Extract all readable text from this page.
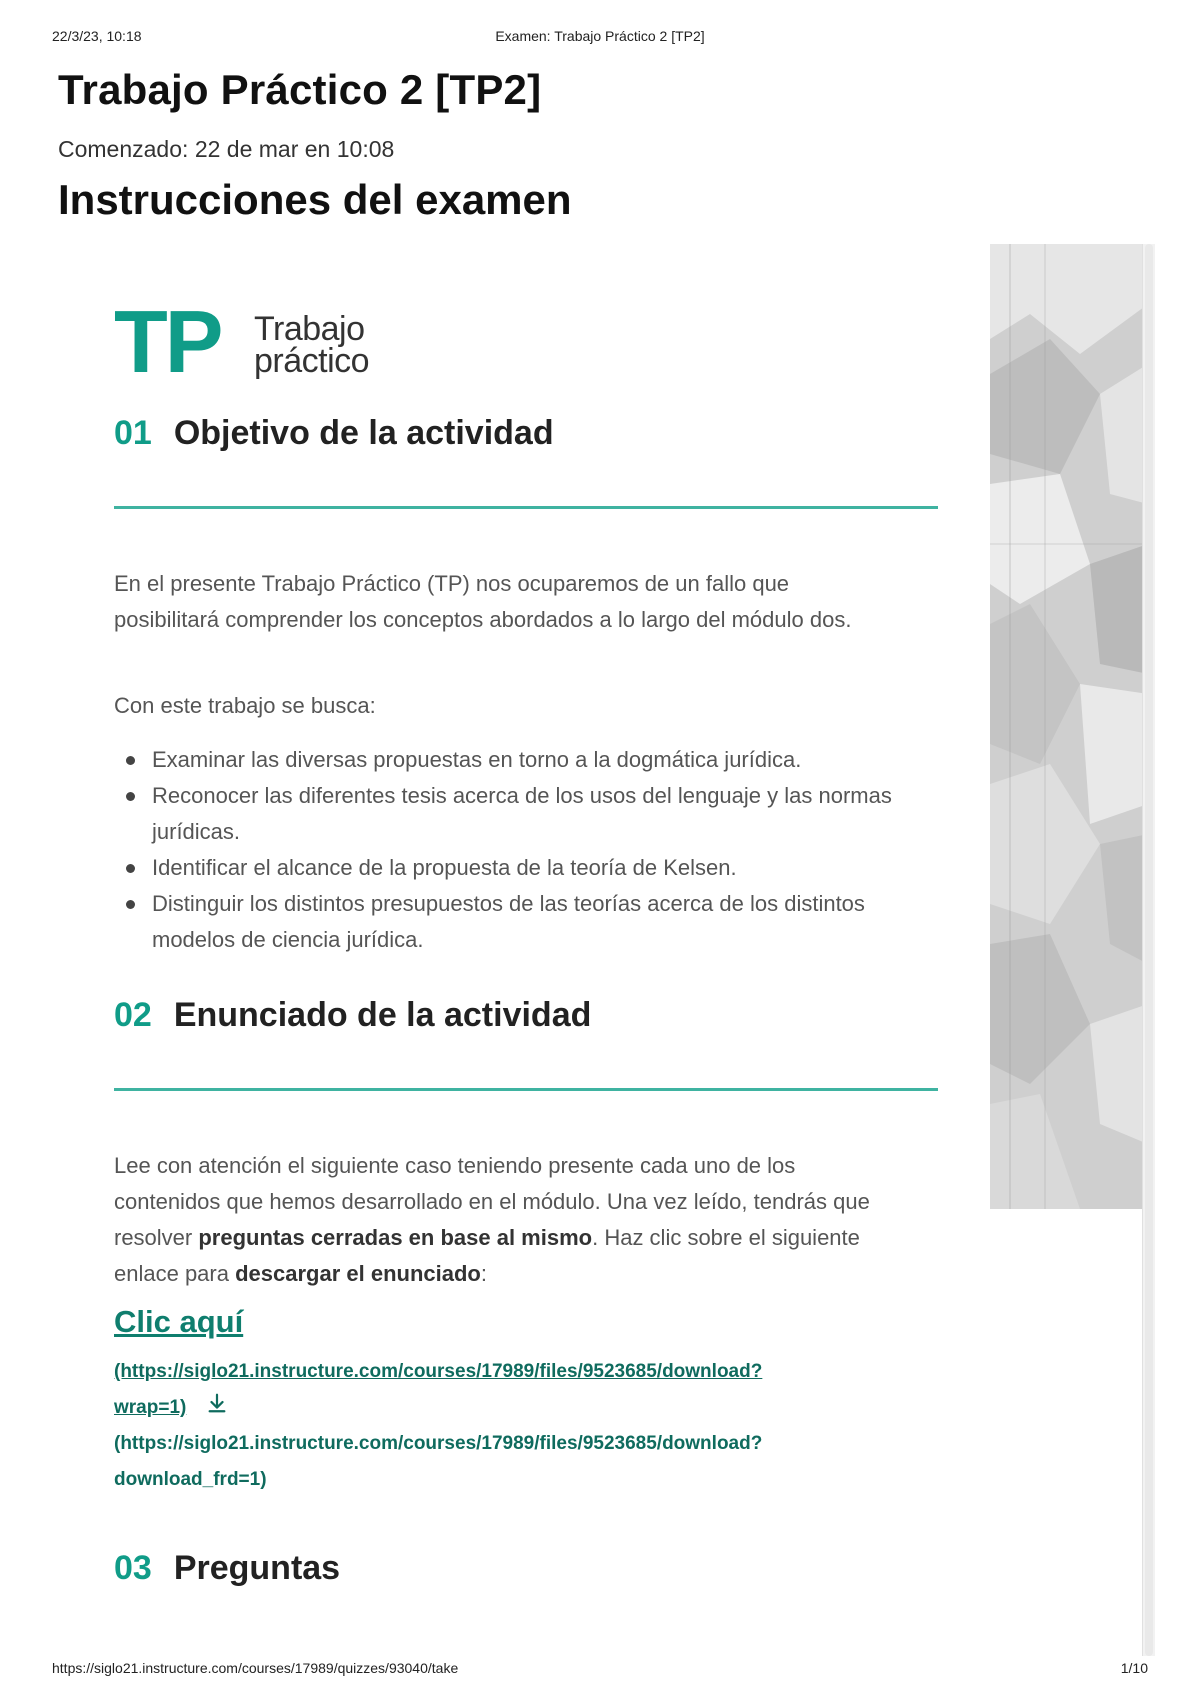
22/3/23, 10:18	Examen: Trabajo Práctico 2 [TP2]
Trabajo Práctico 2 [TP2]
Comenzado: 22 de mar en 10:08
Instrucciones del examen
TP Trabajo
práctico
01 Objetivo de la actividad

En el presente Trabajo Práctico (TP) nos ocuparemos de un fallo que posibilitará comprender los conceptos abordados a lo largo del módulo dos.

Con este trabajo se busca:

Examinar las diversas propuestas en torno a la dogmática jurídica.
Reconocer las diferentes tesis acerca de los usos del lenguaje y las normas jurídicas.
Identificar el alcance de la propuesta de la teoría de Kelsen.
Distinguir los distintos presupuestos de las teorías acerca de los distintos modelos de ciencia jurídica.
02 Enunciado de la actividad

Lee con atención el siguiente caso teniendo presente cada uno de los contenidos que hemos desarrollado en el módulo. Una vez leído, tendrás que resolver preguntas cerradas en base al mismo. Haz clic sobre el siguiente enlace para descargar el enunciado:

Clic aquí
(https://siglo21.instructure.com/courses/17989/files/9523685/download?
wrap=1)
(https://siglo21.instructure.com/courses/17989/files/9523685/download?
download_frd=1)
03 Preguntas
https://siglo21.instructure.com/courses/17989/quizzes/93040/take	1/10
